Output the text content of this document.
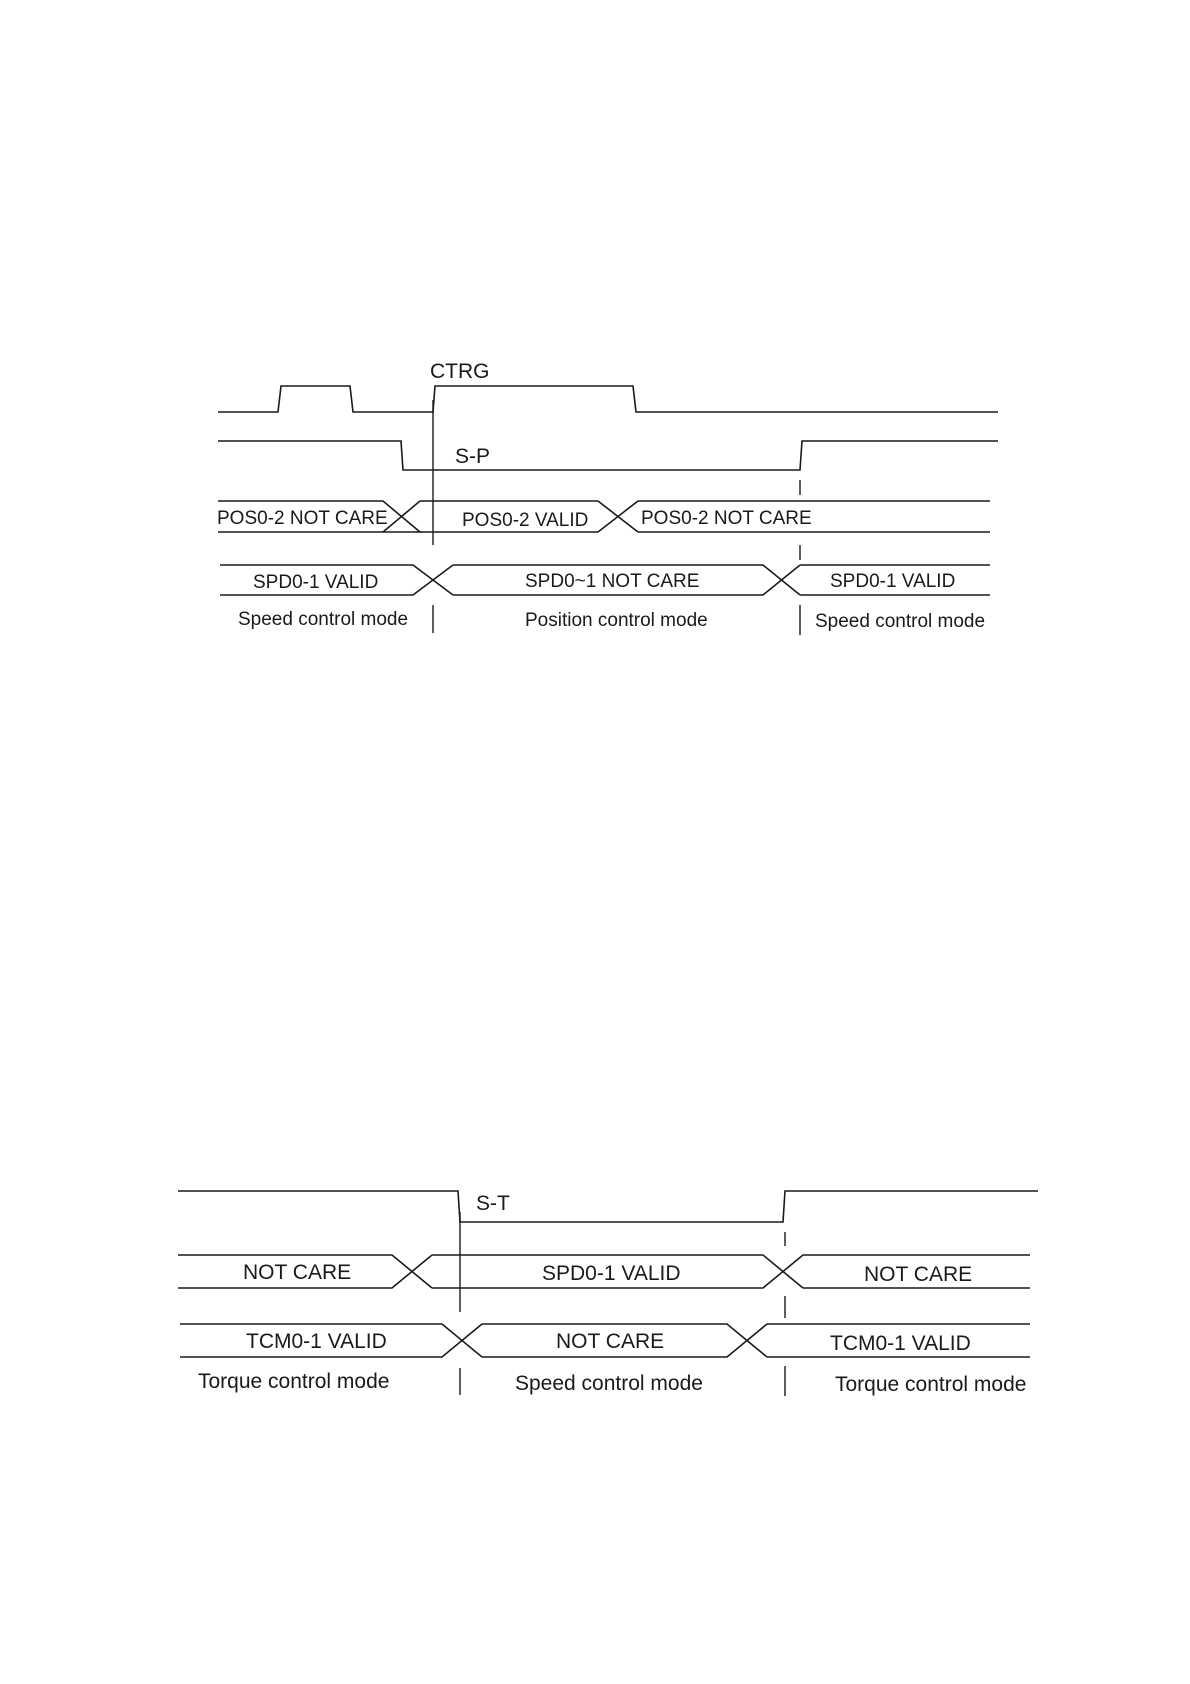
CTRG
S-P
POS0-2 NOT CARE	POS0-2 VALID	POS0-2 NOT CARE
SPD0-1 VALID	SPD0~1 NOT CARE	SPD0-1 VALID
Speed control mode	Position control mode	Speed control mode
S-T
NOT CARE	SPD0-1 VALID	NOT CARE
TCM0-1 VALID	NOT CARE	TCM0-1 VALID
Torque control mode	Speed control mode	Torque control mode
